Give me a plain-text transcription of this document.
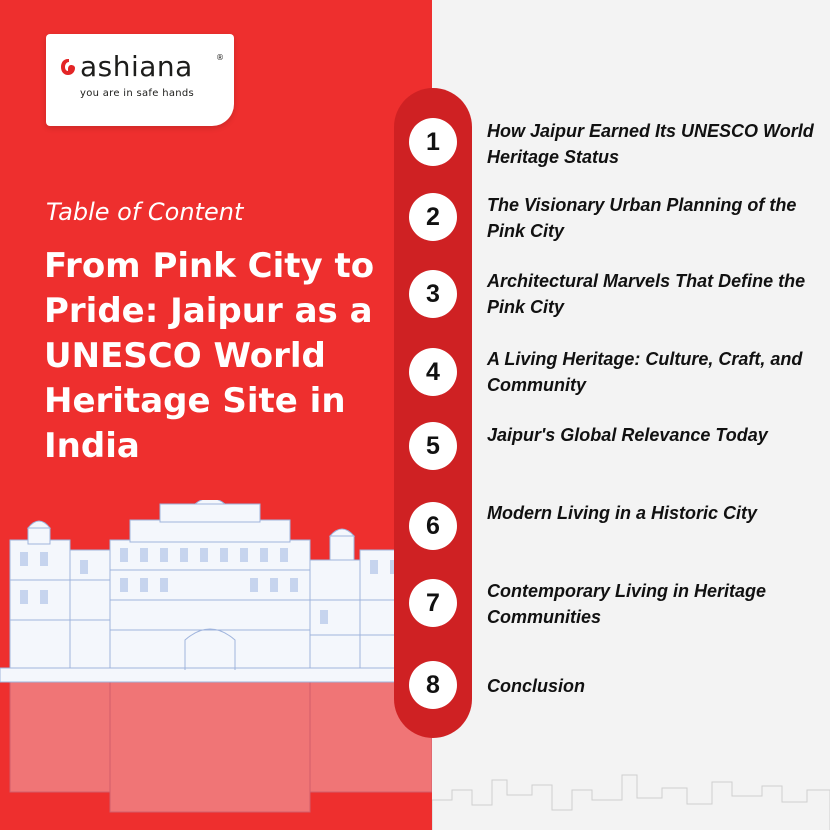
ashiana	®
you are in safe hands
Table of Content
From Pink City to Pride: Jaipur as a UNESCO World Heritage Site in India
1	How Jaipur Earned Its UNESCO World Heritage Status
2	The Visionary Urban Planning of the Pink City
3	Architectural Marvels That Define the Pink City
4	A Living Heritage: Culture, Craft, and Community
5	Jaipur's Global Relevance Today
6	Modern Living in a Historic City
7	Contemporary Living in Heritage Communities
8	Conclusion
